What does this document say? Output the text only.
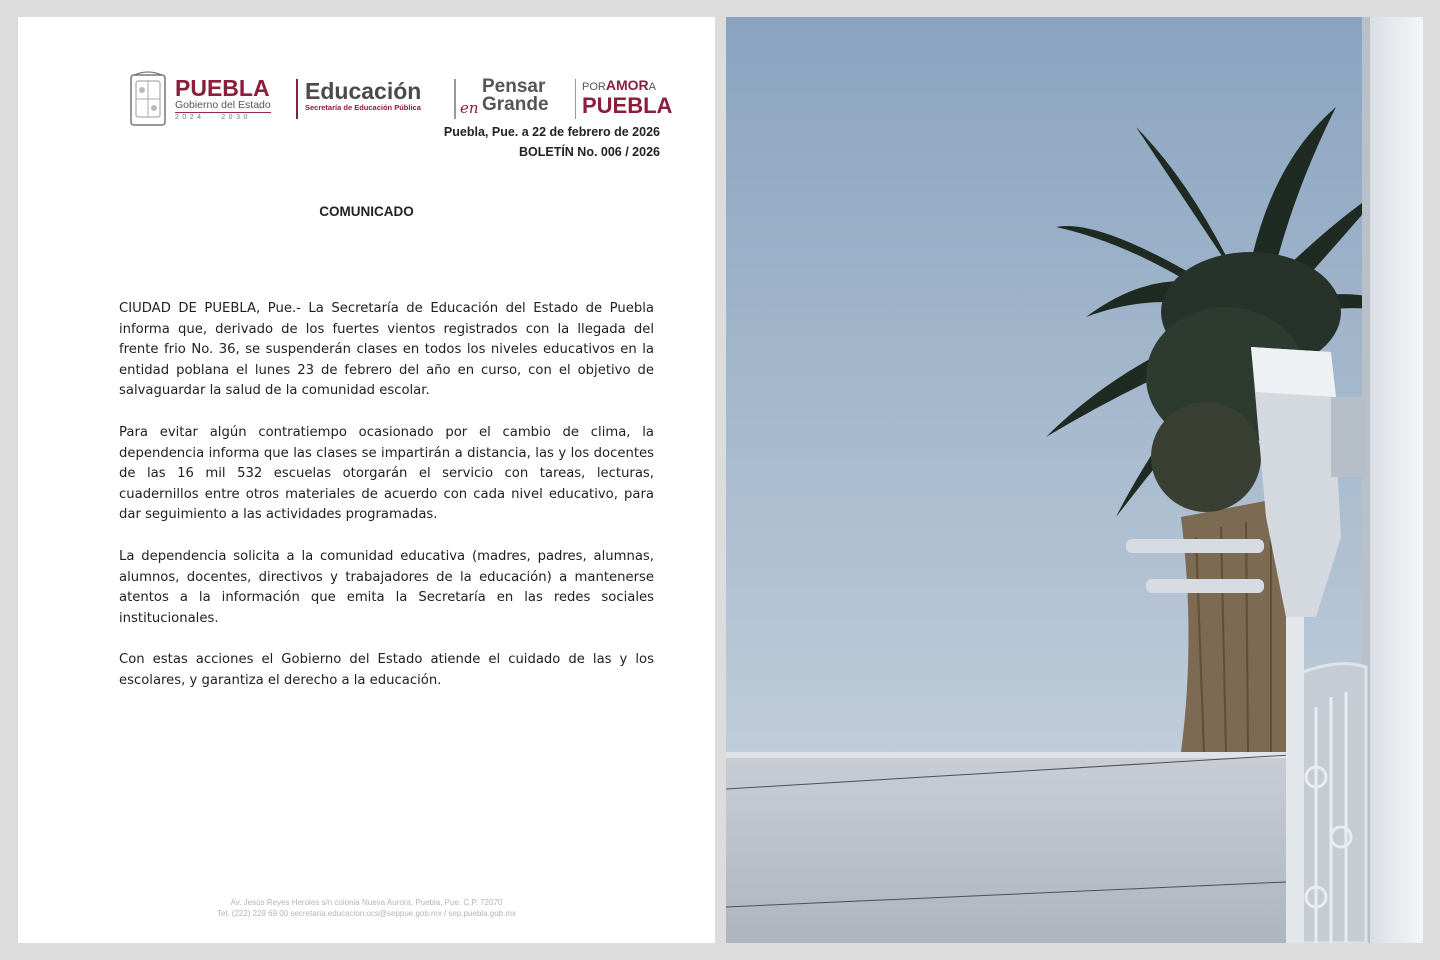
PUEBLA
Gobierno del Estado
2024 · 2030
Educación
Secretaría de Educación Pública
Pensar
en Grande
PORAMORA
PUEBLA
Puebla, Pue. a 22 de febrero de 2026
BOLETÍN No. 006 / 2026
COMUNICADO

CIUDAD DE PUEBLA, Pue.- La Secretaría de Educación del Estado de Puebla informa que, derivado de los fuertes vientos registrados con la llegada del frente frio No. 36, se suspenderán clases en todos los niveles educativos en la entidad poblana el lunes 23 de febrero del año en curso, con el objetivo de salvaguardar la salud de la comunidad escolar.

Para evitar algún contratiempo ocasionado por el cambio de clima, la dependencia informa que las clases se impartirán a distancia, las y los docentes de las 16 mil 532 escuelas otorgarán el servicio con tareas, lecturas, cuadernillos entre otros materiales de acuerdo con cada nivel educativo, para dar seguimiento a las actividades programadas.

La dependencia solicita a la comunidad educativa (madres, padres, alumnas, alumnos, docentes, directivos y trabajadores de la educación) a mantenerse atentos a la información que emita la Secretaría en las redes sociales institucionales.

Con estas acciones el Gobierno del Estado atiende el cuidado de las y los escolares, y garantiza el derecho a la educación.

Av. Jesús Reyes Heroles s/n colonia Nueva Aurora, Puebla, Pue. C.P. 72070
Tel. (222) 229 69 00 secretaria.educacion.ocs@seppue.gob.mx / sep.puebla.gob.mx
